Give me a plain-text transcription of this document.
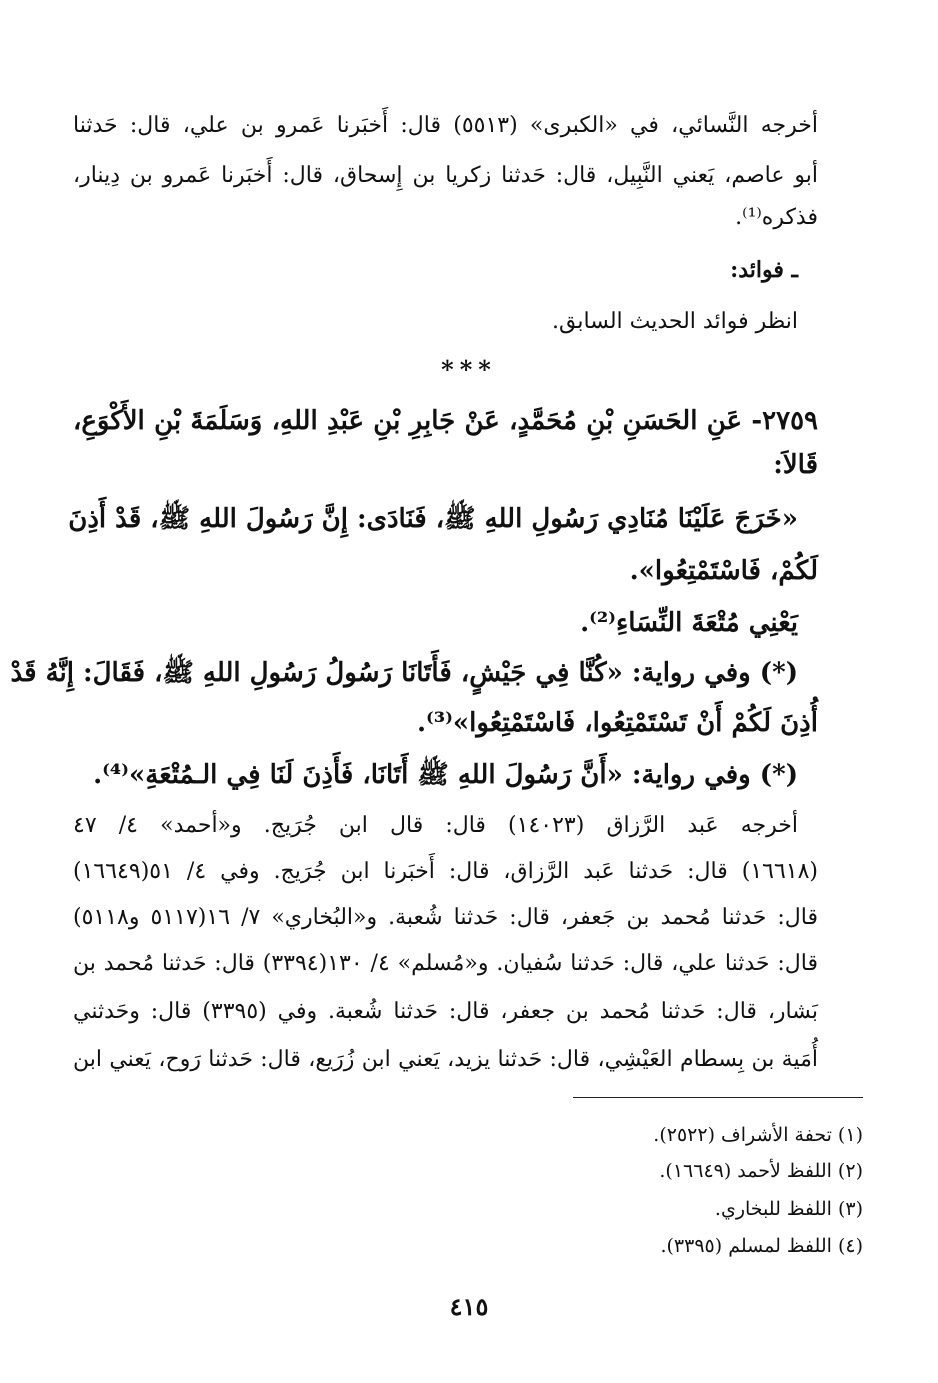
أخرجه النَّسائي، في «الكبرى» (٥٥١٣) قال: أَخبَرنا عَمرو بن علي، قال: حَدثنا
أبو عاصم، يَعني النَّبِيل، قال: حَدثنا زكريا بن إِسحاق، قال: أَخبَرنا عَمرو بن دِينار،
فذكره⁽¹⁾.
ـ فوائد:
انظر فوائد الحديث السابق.
***
٢٧٥٩- عَنِ الحَسَنِ بْنِ مُحَمَّدٍ، عَنْ جَابِرِ بْنِ عَبْدِ اللهِ، وَسَلَمَةَ بْنِ الأَكْوَعِ،
قَالاَ:
«خَرَجَ عَلَيْنَا مُنَادِي رَسُولِ اللهِ ﷺ، فَنَادَى: إِنَّ رَسُولَ اللهِ ﷺ، قَدْ أَذِنَ
لَكُمْ، فَاسْتَمْتِعُوا».
يَعْنِي مُتْعَةَ النِّسَاءِ⁽²⁾.
(*) وفي رواية: «كُنَّا فِي جَيْشٍ، فَأَتَانَا رَسُولُ رَسُولِ اللهِ ﷺ، فَقَالَ: إِنَّهُ قَدْ
أُذِنَ لَكُمْ أَنْ تَسْتَمْتِعُوا، فَاسْتَمْتِعُوا»⁽³⁾.
(*) وفي رواية: «أَنَّ رَسُولَ اللهِ ﷺ أَتَانَا، فَأَذِنَ لَنَا فِي الـمُتْعَةِ»⁽⁴⁾.
أخرجه عَبد الرَّزاق (١٤٠٢٣) قال: قال ابن جُرَيج. و«أحمد» ٤/ ٤٧
(١٦٦١٨) قال: حَدثنا عَبد الرَّزاق، قال: أَخبَرنا ابن جُرَيج. وفي ٤/ ٥١(١٦٦٤٩)
قال: حَدثنا مُحمد بن جَعفر، قال: حَدثنا شُعبة. و«البُخاري» ٧/ ١٦(٥١١٧ و٥١١٨)
قال: حَدثنا علي، قال: حَدثنا سُفيان. و«مُسلم» ٤/ ١٣٠(٣٣٩٤) قال: حَدثنا مُحمد بن
بَشار، قال: حَدثنا مُحمد بن جعفر، قال: حَدثنا شُعبة. وفي (٣٣٩٥) قال: وحَدثني
أُمَية بن بِسطام العَيْشِي، قال: حَدثنا يزيد، يَعني ابن زُرَيع، قال: حَدثنا رَوح، يَعني ابن
(١) تحفة الأشراف (٢٥٢٢).
(٢) اللفظ لأحمد (١٦٦٤٩).
(٣) اللفظ للبخاري.
(٤) اللفظ لمسلم (٣٣٩٥).
٤١٥
